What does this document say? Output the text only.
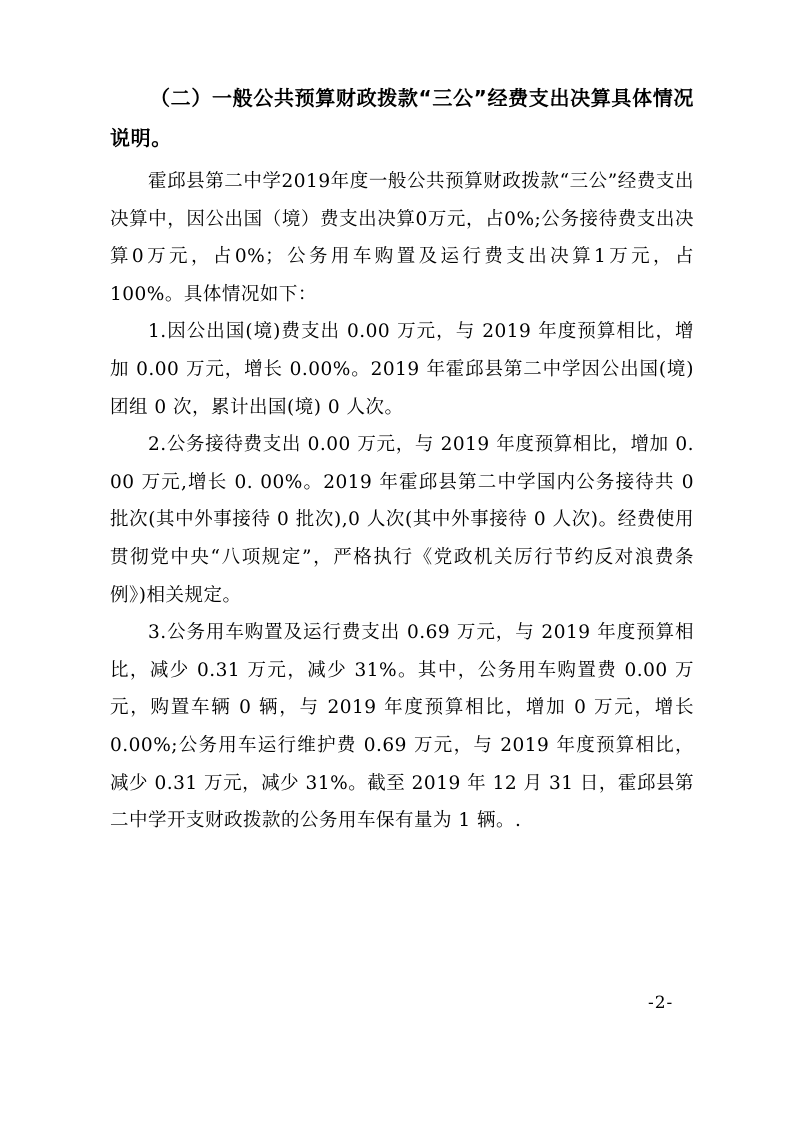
（二）一般公共预算财政拨款“三公”经费支出决算具体情况说明。

霍邱县第二中学2019年度一般公共预算财政拨款“三公”经费支出决算中，因公出国（境）费支出决算0万元，占0%;公务接待费支出决算0万元，占0%；公务用车购置及运行费支出决算1万元，占100%。具体情况如下：

1.因公出国(境)费支出 0.00 万元，与 2019 年度预算相比，增加 0.00 万元，增长 0.00%。2019 年霍邱县第二中学因公出国(境)团组 0 次，累计出国(境) 0 人次。

2.公务接待费支出 0.00 万元，与 2019 年度预算相比，增加 0. 00 万元,增长 0. 00%。2019 年霍邱县第二中学国内公务接待共 0 批次(其中外事接待 0 批次),0 人次(其中外事接待 0 人次)。经费使用贯彻党中央“八项规定”，严格执行《党政机关厉行节约反对浪费条例》)相关规定。

3.公务用车购置及运行费支出 0.69 万元，与 2019 年度预算相比，减少 0.31 万元，减少 31%。其中，公务用车购置费 0.00 万元，购置车辆 0 辆，与 2019 年度预算相比，增加 0 万元，增长 0.00%;公务用车运行维护费 0.69 万元，与 2019 年度预算相比，减少 0.31 万元，减少 31%。截至 2019 年 12 月 31 日，霍邱县第二中学开支财政拨款的公务用车保有量为 1 辆。.

-2-
